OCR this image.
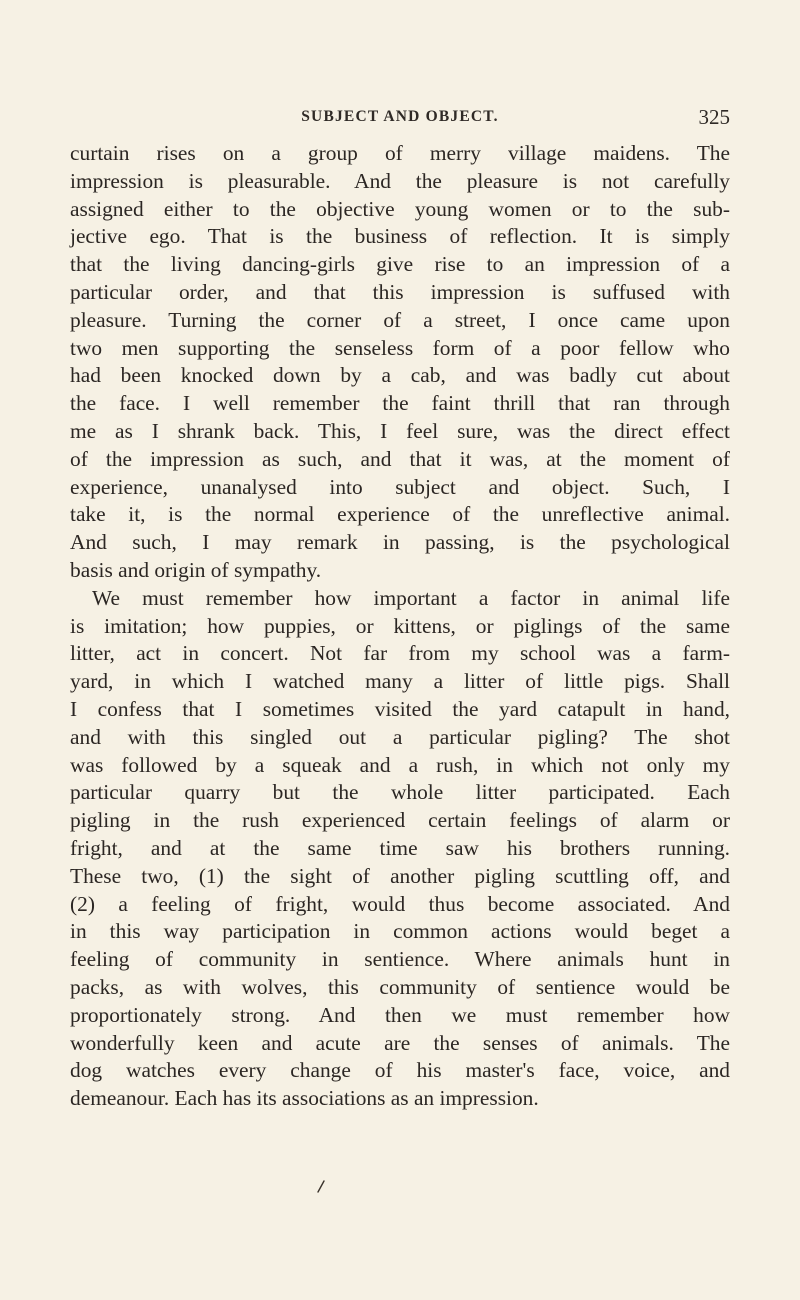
SUBJECT AND OBJECT.	325
curtain rises on a group of merry village maidens. The
impression is pleasurable. And the pleasure is not carefully
assigned either to the objective young women or to the sub-
jective ego. That is the business of reflection. It is simply
that the living dancing-girls give rise to an impression of a
particular order, and that this impression is suffused with
pleasure. Turning the corner of a street, I once came upon
two men supporting the senseless form of a poor fellow who
had been knocked down by a cab, and was badly cut about
the face. I well remember the faint thrill that ran through
me as I shrank back. This, I feel sure, was the direct effect
of the impression as such, and that it was, at the moment of
experience, unanalysed into subject and object. Such, I
take it, is the normal experience of the unreflective animal.
And such, I may remark in passing, is the psychological
basis and origin of sympathy.
We must remember how important a factor in animal life
is imitation; how puppies, or kittens, or piglings of the same
litter, act in concert. Not far from my school was a farm-
yard, in which I watched many a litter of little pigs. Shall
I confess that I sometimes visited the yard catapult in hand,
and with this singled out a particular pigling? The shot
was followed by a squeak and a rush, in which not only my
particular quarry but the whole litter participated. Each
pigling in the rush experienced certain feelings of alarm or
fright, and at the same time saw his brothers running.
These two, (1) the sight of another pigling scuttling off, and
(2) a feeling of fright, would thus become associated. And
in this way participation in common actions would beget a
feeling of community in sentience. Where animals hunt in
packs, as with wolves, this community of sentience would be
proportionately strong. And then we must remember how
wonderfully keen and acute are the senses of animals. The
dog watches every change of his master's face, voice, and
demeanour. Each has its associations as an impression.
